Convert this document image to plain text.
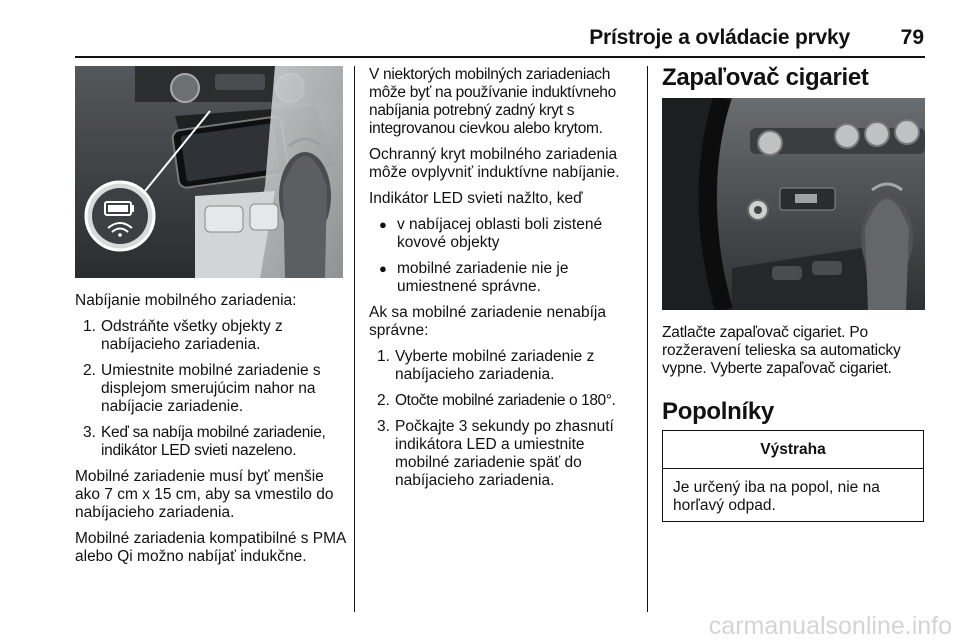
Prístroje a ovládacie prvky	79

Nabíjanie mobilného zariadenia:

1. Odstráňte všetky objekty z nabíjacieho zariadenia.
2. Umiestnite mobilné zariadenie s displejom smerujúcim nahor na nabíjacie zariadenie.
3. Keď sa nabíja mobilné zariadenie, indikátor LED svieti nazeleno.

Mobilné zariadenie musí byť menšie ako 7 cm x 15 cm, aby sa vmestilo do nabíjacieho zariadenia.

Mobilné zariadenia kompatibilné s PMA alebo Qi možno nabíjať indukčne.

V niektorých mobilných zariadeniach môže byť na používanie induktívneho nabíjania potrebný zadný kryt s integrovanou cievkou alebo krytom.

Ochranný kryt mobilného zariadenia môže ovplyvniť induktívne nabíjanie.

Indikátor LED svieti nažlto, keď

● v nabíjacej oblasti boli zistené kovové objekty
● mobilné zariadenie nie je umiestnené správne.

Ak sa mobilné zariadenie nenabíja správne:

1. Vyberte mobilné zariadenie z nabíjacieho zariadenia.
2. Otočte mobilné zariadenie o 180°.
3. Počkajte 3 sekundy po zhasnutí indikátora LED a umiestnite mobilné zariadenie späť do nabíjacieho zariadenia.
Zapaľovač cigariet

Zatlačte zapaľovač cigariet. Po rozžeravení telieska sa automaticky vypne. Vyberte zapaľovač cigariet.

Popolníky
Výstraha
Je určený iba na popol, nie na horľavý odpad.
carmanualsonline.info
